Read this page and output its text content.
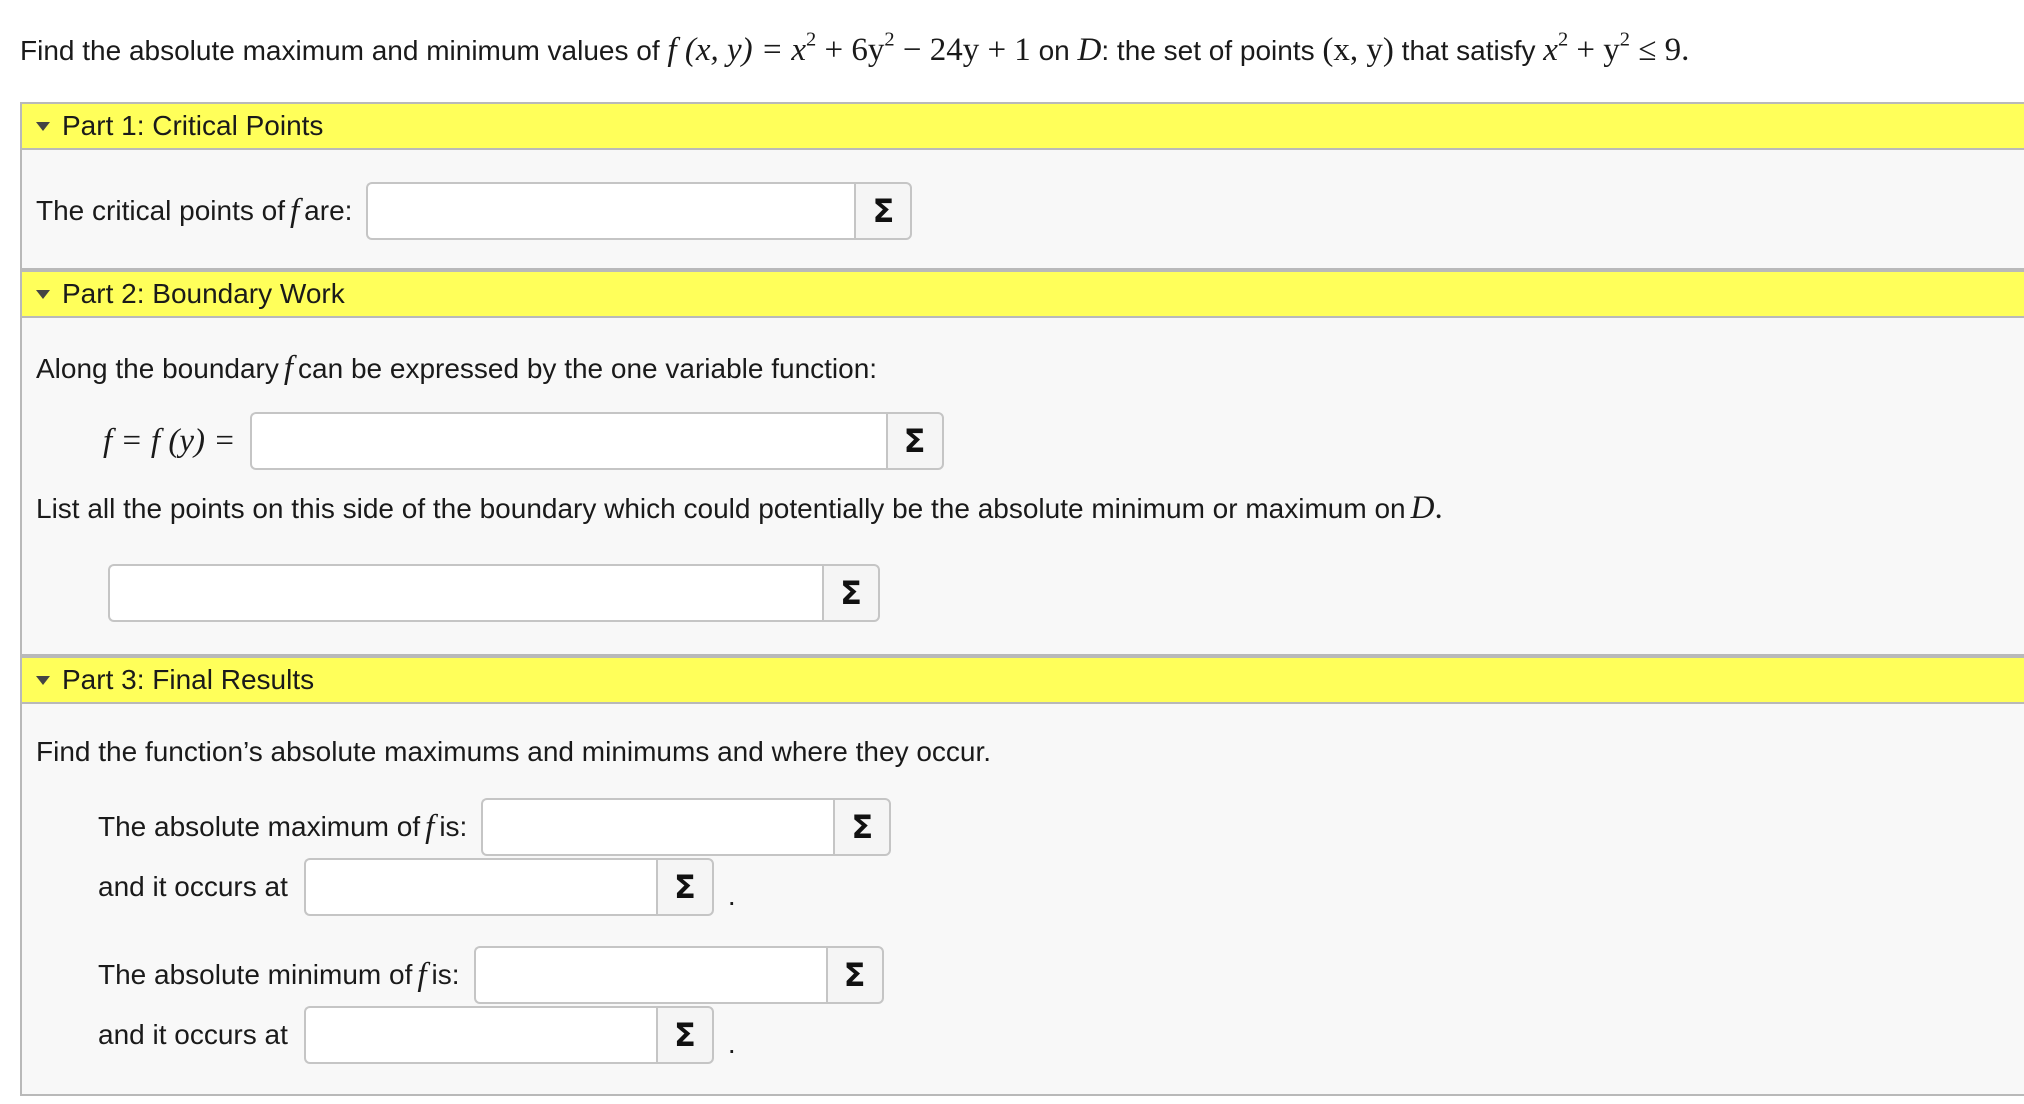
Find the absolute maximum and minimum values of f (x, $y) = x^2 + 6y^2 - 24y + 1$ on D: the set of points (x, y) that satisfy $x^2 + y^2 \le 9$.
Part 1: Critical Points
The critical points of f are:	Σ
Part 2: Boundary Work
Along the boundary f can be expressed by the one variable function:
f = f (y) =	Σ
List all the points on this side of the boundary which could potentially be the absolute minimum or maximum on D.
Σ
Part 3: Final Results
Find the function’s absolute maximums and minimums and where they occur.
The absolute maximum of f is:	Σ
and it occurs at	Σ	.
The absolute minimum of f is:	Σ
and it occurs at	Σ	.
